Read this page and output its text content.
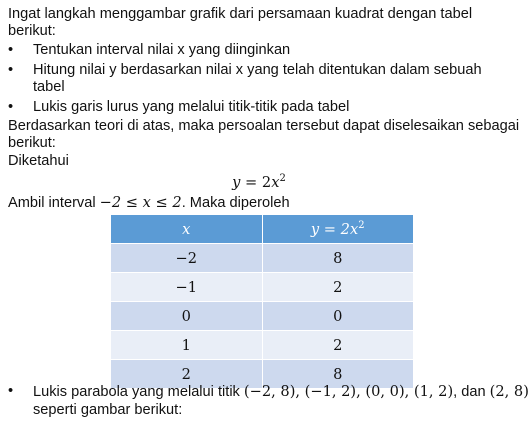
Ingat langkah menggambar grafik dari persamaan kuadrat dengan tabel
berikut:
•	Tentukan interval nilai x yang diinginkan
•	Hitung nilai y berdasarkan nilai x yang telah ditentukan dalam sebuah
tabel
•	Lukis garis lurus yang melalui titik-titik pada tabel
Berdasarkan teori di atas, maka persoalan tersebut dapat diselesaikan sebagai
berikut:
Diketahui
$y = 2x^2$
Ambil interval −2 ≤ x ≤ 2. Maka diperoleh
x	$y = 2x^2$
−2	8
−1	2
0	0
1	2
2	8
•	Lukis parabola yang melalui titik (−2, 8), (−1, 2), (0, 0), (1, 2), dan (2, 8)
seperti gambar berikut:
